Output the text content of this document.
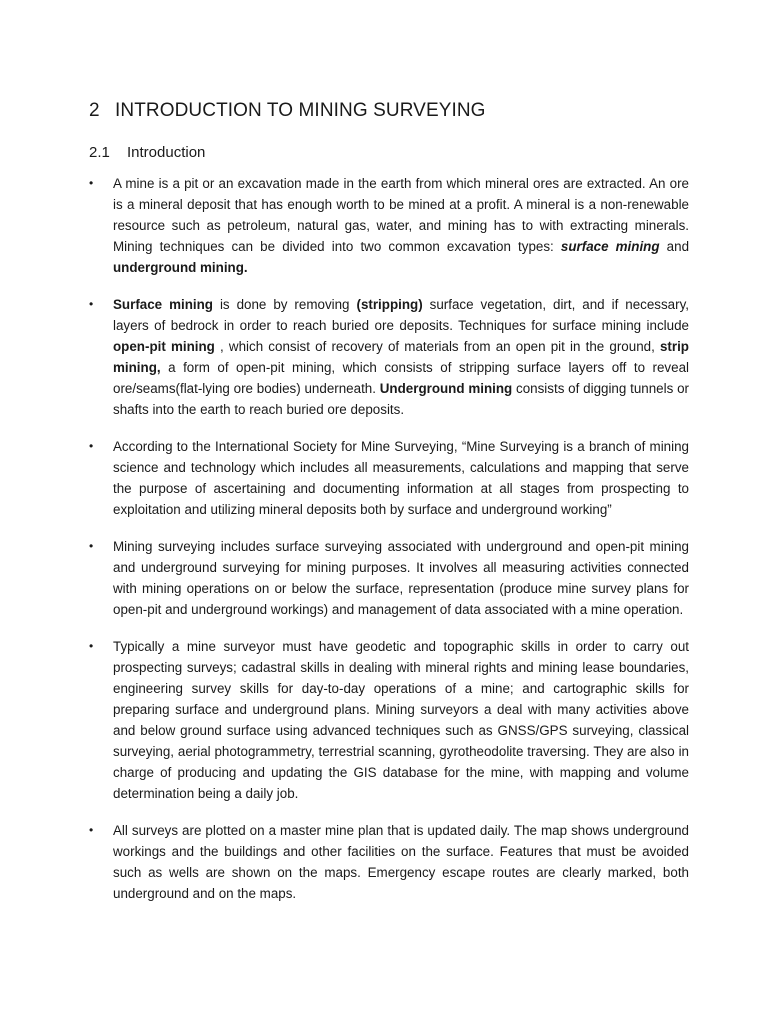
2 INTRODUCTION TO MINING SURVEYING
2.1 Introduction
• A mine is a pit or an excavation made in the earth from which mineral ores are extracted. An ore is a mineral deposit that has enough worth to be mined at a profit. A mineral is a non-renewable resource such as petroleum, natural gas, water, and mining has to with extracting minerals. Mining techniques can be divided into two common excavation types: surface mining and underground mining.
• Surface mining is done by removing (stripping) surface vegetation, dirt, and if necessary, layers of bedrock in order to reach buried ore deposits. Techniques for surface mining include open-pit mining , which consist of recovery of materials from an open pit in the ground, strip mining, a form of open-pit mining, which consists of stripping surface layers off to reveal ore/seams(flat-lying ore bodies) underneath. Underground mining consists of digging tunnels or shafts into the earth to reach buried ore deposits.
• According to the International Society for Mine Surveying, “Mine Surveying is a branch of mining science and technology which includes all measurements, calculations and mapping that serve the purpose of ascertaining and documenting information at all stages from prospecting to exploitation and utilizing mineral deposits both by surface and underground working”
• Mining surveying includes surface surveying associated with underground and open-pit mining and underground surveying for mining purposes. It involves all measuring activities connected with mining operations on or below the surface, representation (produce mine survey plans for open-pit and underground workings) and management of data associated with a mine operation.
• Typically a mine surveyor must have geodetic and topographic skills in order to carry out prospecting surveys; cadastral skills in dealing with mineral rights and mining lease boundaries, engineering survey skills for day-to-day operations of a mine; and cartographic skills for preparing surface and underground plans. Mining surveyors a deal with many activities above and below ground surface using advanced techniques such as GNSS/GPS surveying, classical surveying, aerial photogrammetry, terrestrial scanning, gyrotheodolite traversing. They are also in charge of producing and updating the GIS database for the mine, with mapping and volume determination being a daily job.
• All surveys are plotted on a master mine plan that is updated daily. The map shows underground workings and the buildings and other facilities on the surface. Features that must be avoided such as wells are shown on the maps. Emergency escape routes are clearly marked, both underground and on the maps.
